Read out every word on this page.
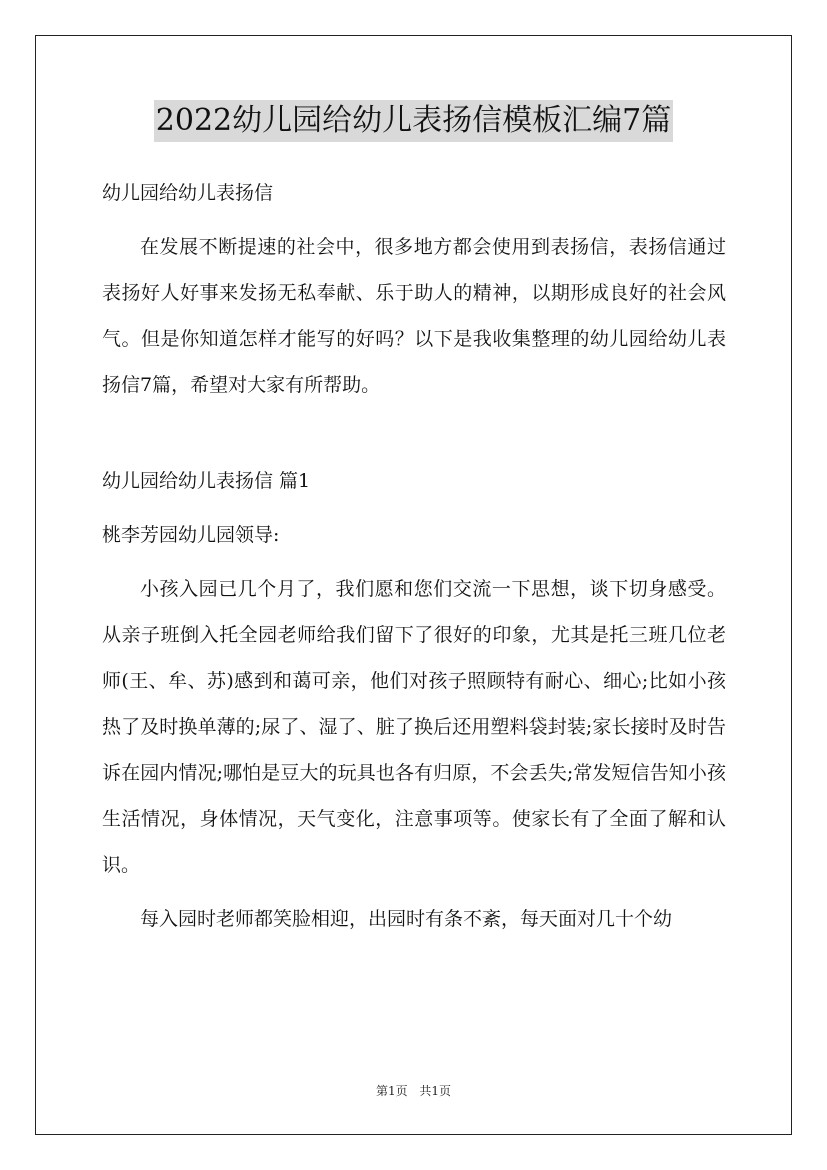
2022幼儿园给幼儿表扬信模板汇编7篇

幼儿园给幼儿表扬信

在发展不断提速的社会中，很多地方都会使用到表扬信，表扬信通过表扬好人好事来发扬无私奉献、乐于助人的精神，以期形成良好的社会风气。但是你知道怎样才能写的好吗？以下是我收集整理的幼儿园给幼儿表扬信7篇，希望对大家有所帮助。

幼儿园给幼儿表扬信 篇1

桃李芳园幼儿园领导:

小孩入园已几个月了，我们愿和您们交流一下思想，谈下切身感受。 从亲子班倒入托全园老师给我们留下了很好的印象，尤其是托三班几位老师(王、牟、苏)感到和蔼可亲，他们对孩子照顾特有耐心、细心;比如小孩热了及时换单薄的;尿了、湿了、脏了换后还用塑料袋封装;家长接时及时告诉在园内情况;哪怕是豆大的玩具也各有归原，不会丢失;常发短信告知小孩生活情况，身体情况，天气变化，注意事项等。使家长有了全面了解和认识。

每入园时老师都笑脸相迎，出园时有条不紊，每天面对几十个幼

第1页 共1页
